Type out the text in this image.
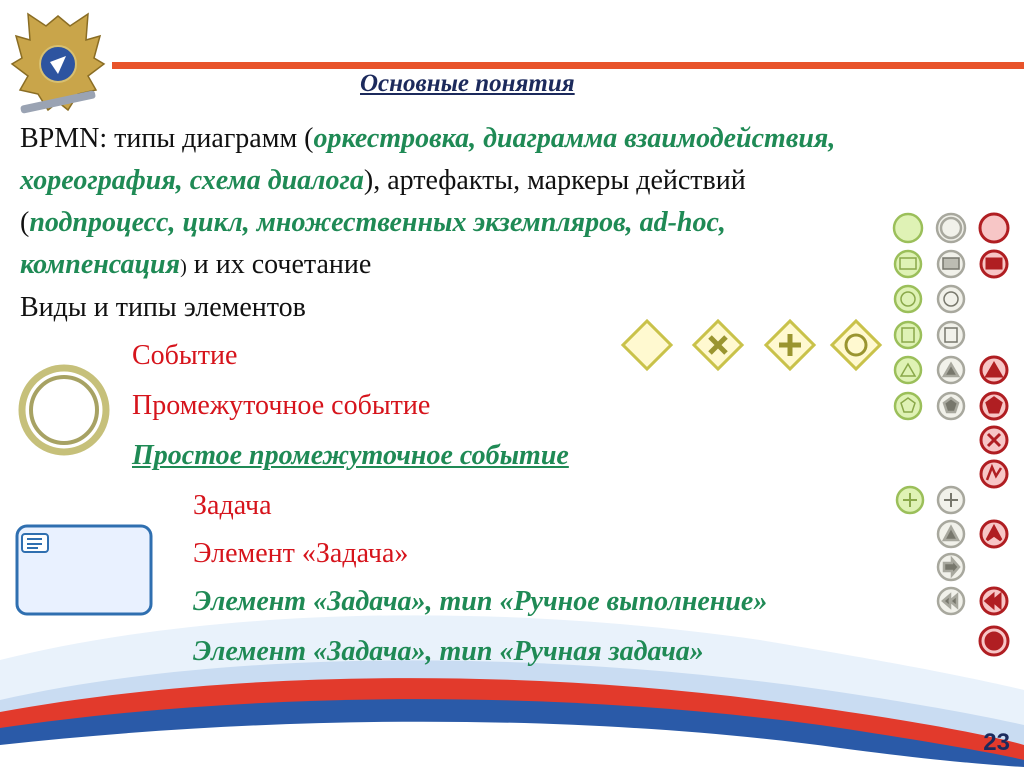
Основные понятия
BPMN: типы диаграмм (оркестровка, диаграмма взаимодействия, хореография, схема диалога), артефакты, маркеры действий (подпроцесс, цикл, множественных экземпляров, ad-hoc, компенсация) и их сочетание
Виды и типы элементов
Событие
Промежуточное событие
Простое промежуточное событие
Задача
Элемент «Задача»
Элемент «Задача», тип «Ручное выполнение»
Элемент «Задача», тип «Ручная задача»
23
